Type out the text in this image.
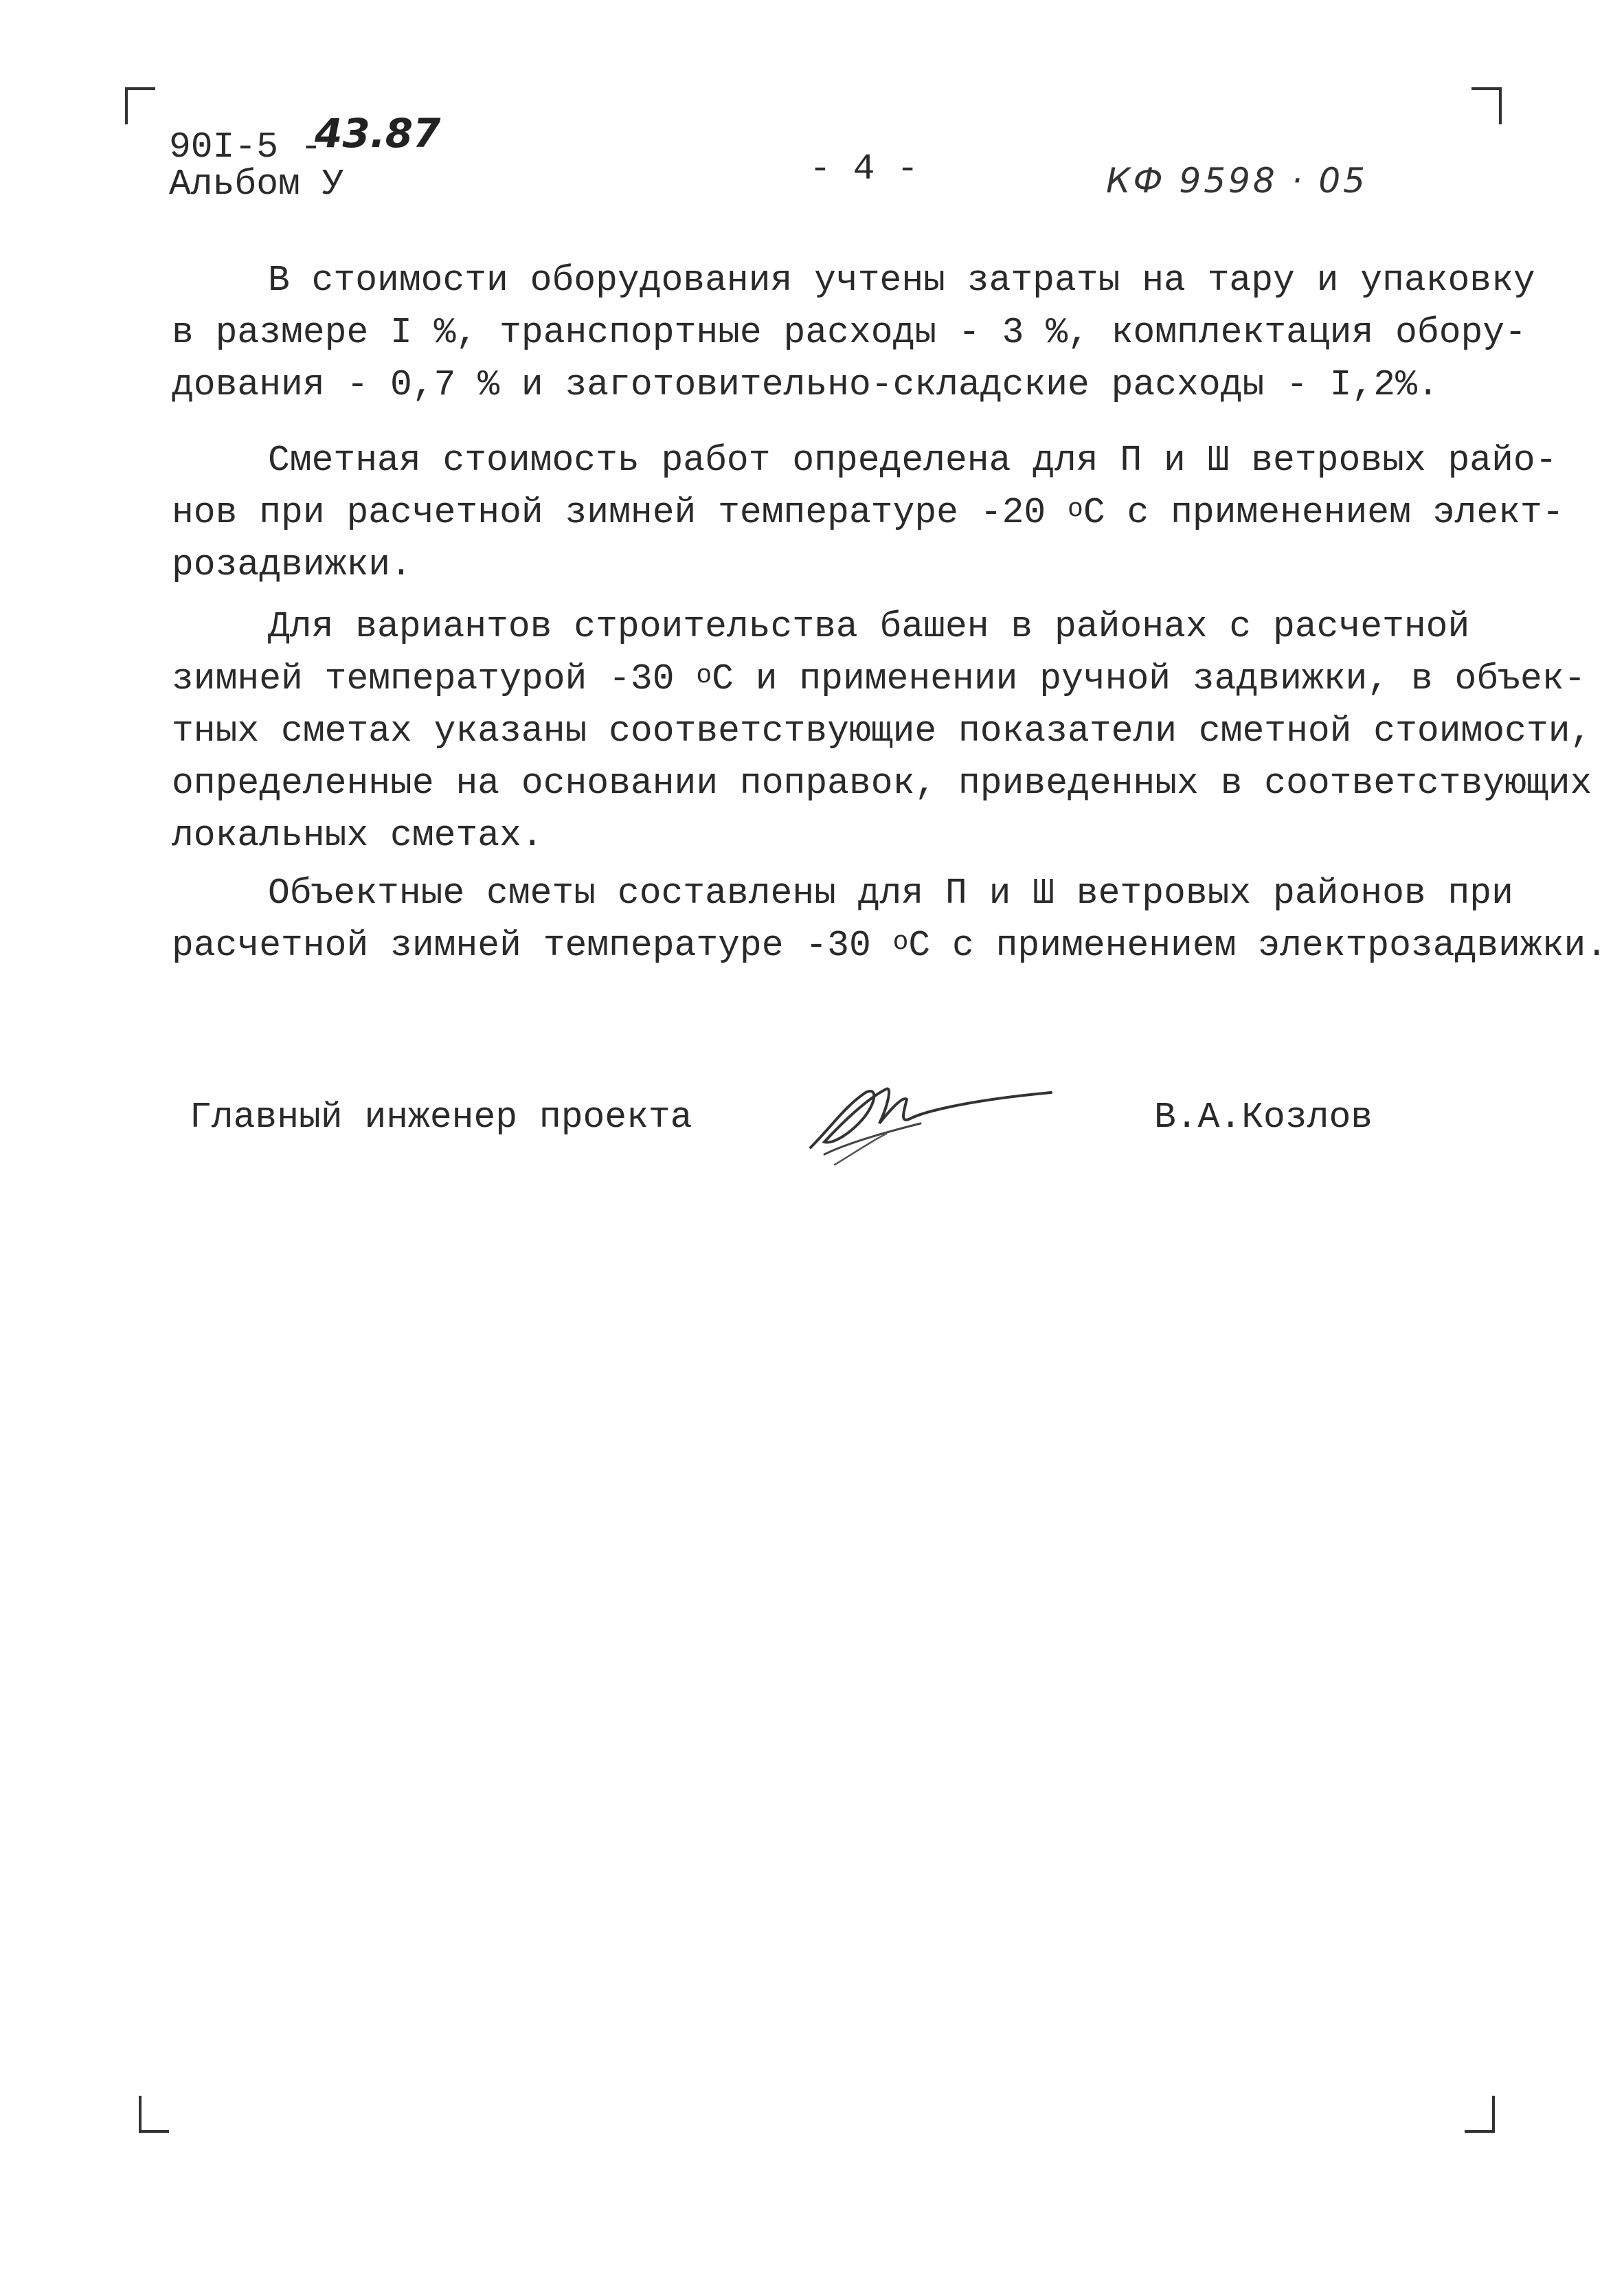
90I-5 -
43.87
Альбом У	- 4 -	КФ 9598 · 05
В стоимости оборудования учтены затраты на тару и упаковку
в размере I %, транспортные расходы - 3 %, комплектация обору-
дования - 0,7 % и заготовительно-складские расходы - I,2%.
Сметная стоимость работ определена для П и Ш ветровых райо-
нов при расчетной зимней температуре -20 $^о$С с применением элект-
розадвижки.
Для вариантов строительства башен в районах с расчетной
зимней температурой -30 $^о$С и применении ручной задвижки, в объек-
тных сметах указаны соответствующие показатели сметной стоимости,
определенные на основании поправок, приведенных в соответствующих
локальных сметах.
Объектные сметы составлены для П и Ш ветровых районов при
расчетной зимней температуре -30 $^о$С с применением электрозадвижки.
Главный инженер проекта	В.А.Козлов
